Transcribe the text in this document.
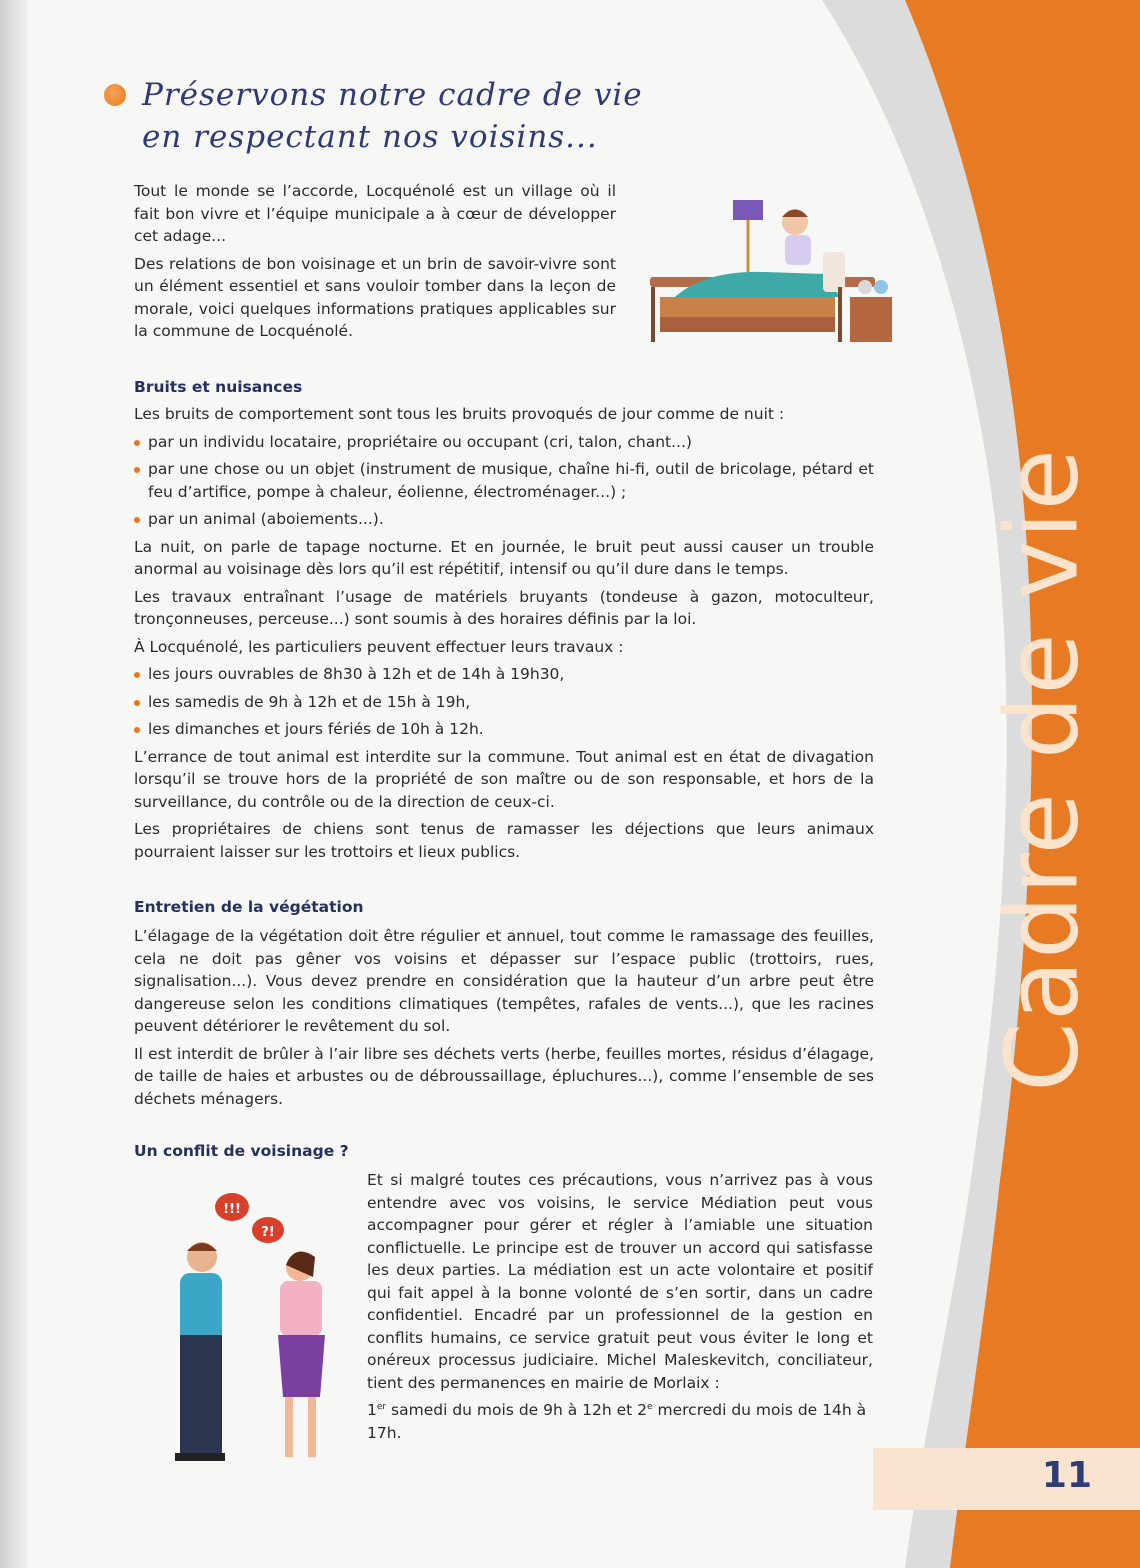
Cadre de vie
11
Préservons notre cadre de vie
en respectant nos voisins...

Tout le monde se l’accorde, Locquénolé est un village où il fait bon vivre et l’équipe municipale a à cœur de développer cet adage...

Des relations de bon voisinage et un brin de savoir-vivre sont un élément essentiel et sans vouloir tomber dans la leçon de morale, voici quelques informations pratiques applicables sur la commune de Locquénolé.

Bruits et nuisances

Les bruits de comportement sont tous les bruits provoqués de jour comme de nuit :

par un individu locataire, propriétaire ou occupant (cri, talon, chant...)
par une chose ou un objet (instrument de musique, chaîne hi-fi, outil de bricolage, pétard et feu d’artifice, pompe à chaleur, éolienne, électroménager...) ;
par un animal (aboiements...).

La nuit, on parle de tapage nocturne. Et en journée, le bruit peut aussi causer un trouble anormal au voisinage dès lors qu’il est répétitif, intensif ou qu’il dure dans le temps.

Les travaux entraînant l’usage de matériels bruyants (tondeuse à gazon, motoculteur, tronçonneuses, perceuse...) sont soumis à des horaires définis par la loi.

À Locquénolé, les particuliers peuvent effectuer leurs travaux :

les jours ouvrables de 8h30 à 12h et de 14h à 19h30,
les samedis de 9h à 12h et de 15h à 19h,
les dimanches et jours fériés de 10h à 12h.

L’errance de tout animal est interdite sur la commune. Tout animal est en état de divagation lorsqu’il se trouve hors de la propriété de son maître ou de son responsable, et hors de la surveillance, du contrôle ou de la direction de ceux-ci.

Les propriétaires de chiens sont tenus de ramasser les déjections que leurs animaux pourraient laisser sur les trottoirs et lieux publics.

Entretien de la végétation

L’élagage de la végétation doit être régulier et annuel, tout comme le ramassage des feuilles, cela ne doit pas gêner vos voisins et dépasser sur l’espace public (trottoirs, rues, signalisation...). Vous devez prendre en considération que la hauteur d’un arbre peut être dangereuse selon les conditions climatiques (tempêtes, rafales de vents...), que les racines peuvent détériorer le revêtement du sol.

Il est interdit de brûler à l’air libre ses déchets verts (herbe, feuilles mortes, résidus d’élagage, de taille de haies et arbustes ou de débroussaillage, épluchures...), comme l’ensemble de ses déchets ménagers.

Un conflit de voisinage ?

Et si malgré toutes ces précautions, vous n’arrivez pas à vous entendre avec vos voisins, le service Médiation peut vous accompagner pour gérer et régler à l’amiable une situation conflictuelle. Le principe est de trouver un accord qui satisfasse les deux parties. La médiation est un acte volontaire et positif qui fait appel à la bonne volonté de s’en sortir, dans un cadre confidentiel. Encadré par un professionnel de la gestion en conflits humains, ce service gratuit peut vous éviter le long et onéreux processus judiciaire. Michel Maleskevitch, conciliateur, tient des permanences en mairie de Morlaix :

1er samedi du mois de 9h à 12h et 2e mercredi du mois de 14h à 17h.

!!!
?!
